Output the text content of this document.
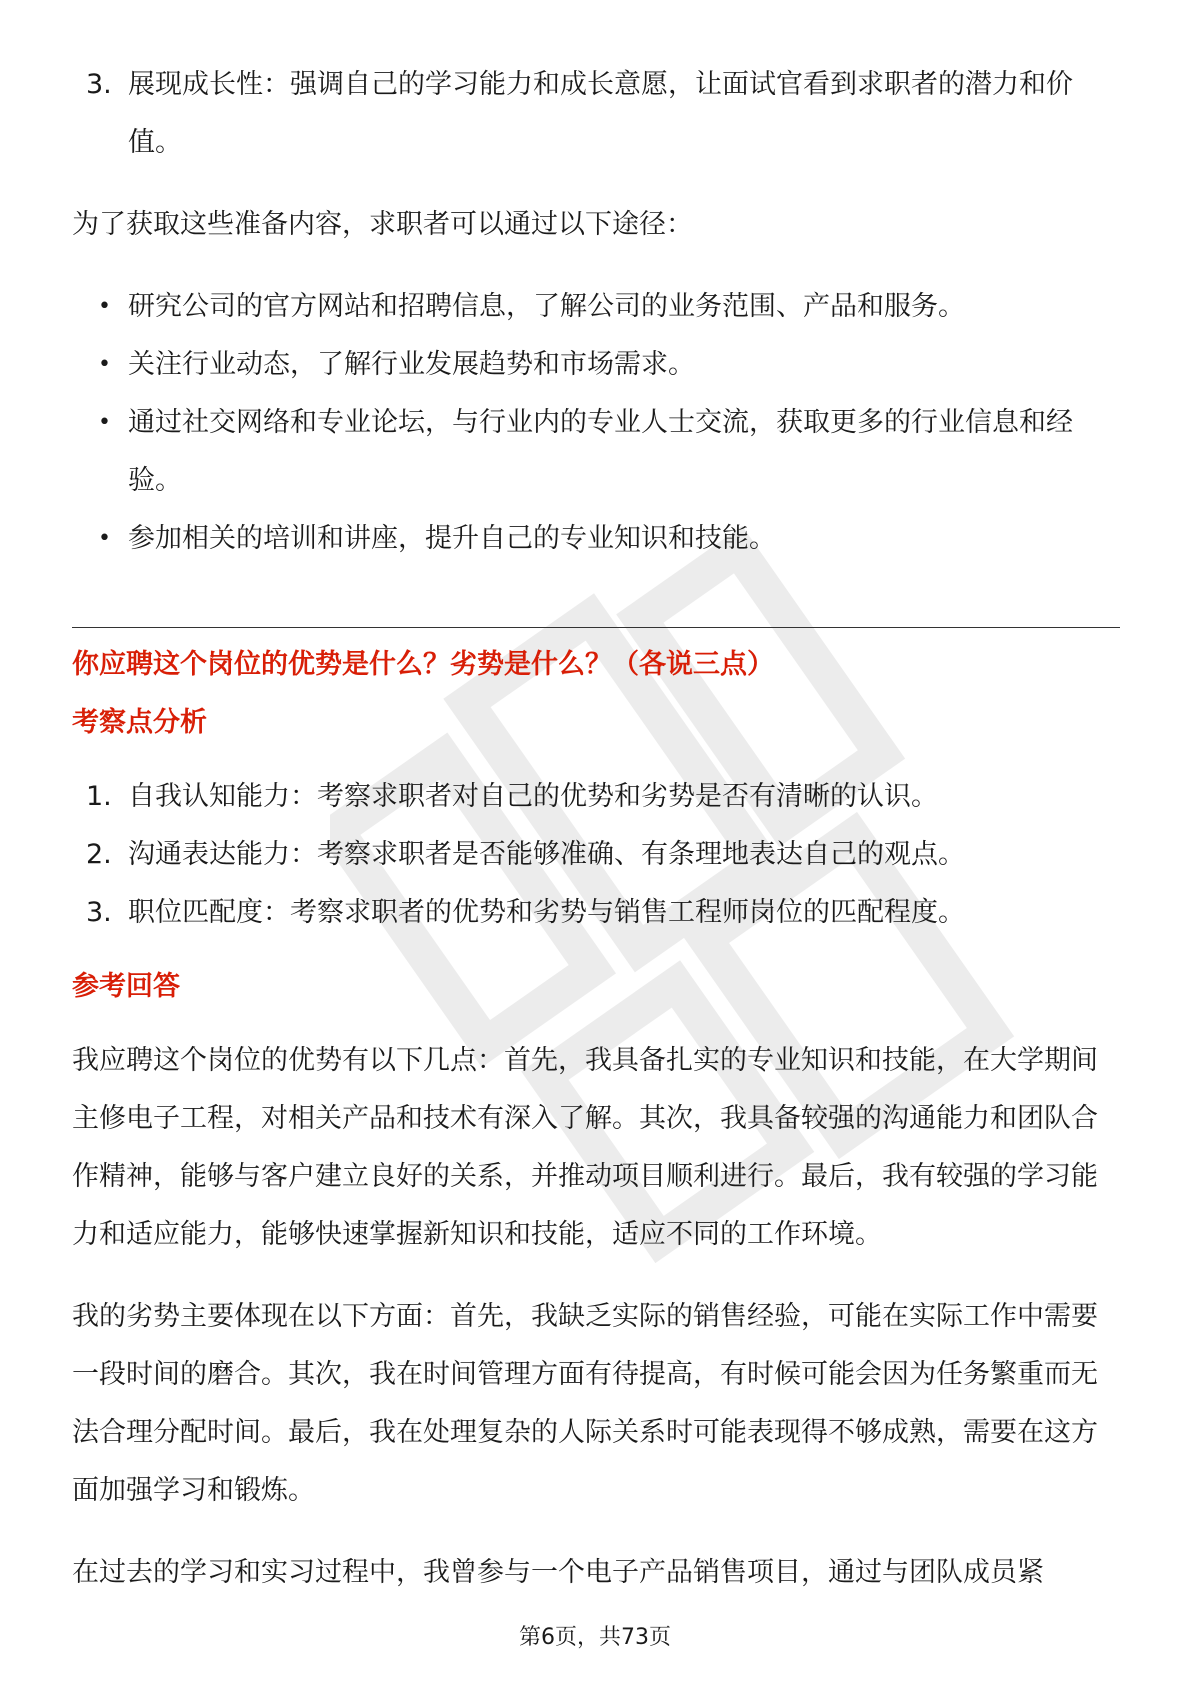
3. 展现成长性：强调自己的学习能力和成长意愿，让面试官看到求职者的潜力和价值。

为了获取这些准备内容，求职者可以通过以下途径：

• 研究公司的官方网站和招聘信息，了解公司的业务范围、产品和服务。
• 关注行业动态，了解行业发展趋势和市场需求。
• 通过社交网络和专业论坛，与行业内的专业人士交流，获取更多的行业信息和经验。
• 参加相关的培训和讲座，提升自己的专业知识和技能。
你应聘这个岗位的优势是什么？劣势是什么？（各说三点）
考察点分析
1. 自我认知能力：考察求职者对自己的优势和劣势是否有清晰的认识。
2. 沟通表达能力：考察求职者是否能够准确、有条理地表达自己的观点。
3. 职位匹配度：考察求职者的优势和劣势与销售工程师岗位的匹配程度。
参考回答

我应聘这个岗位的优势有以下几点：首先，我具备扎实的专业知识和技能，在大学期间主修电子工程，对相关产品和技术有深入了解。其次，我具备较强的沟通能力和团队合作精神，能够与客户建立良好的关系，并推动项目顺利进行。最后，我有较强的学习能力和适应能力，能够快速掌握新知识和技能，适应不同的工作环境。

我的劣势主要体现在以下方面：首先，我缺乏实际的销售经验，可能在实际工作中需要一段时间的磨合。其次，我在时间管理方面有待提高，有时候可能会因为任务繁重而无法合理分配时间。最后，我在处理复杂的人际关系时可能表现得不够成熟，需要在这方面加强学习和锻炼。

在过去的学习和实习过程中，我曾参与一个电子产品销售项目，通过与团队成员紧

第6页，共73页
